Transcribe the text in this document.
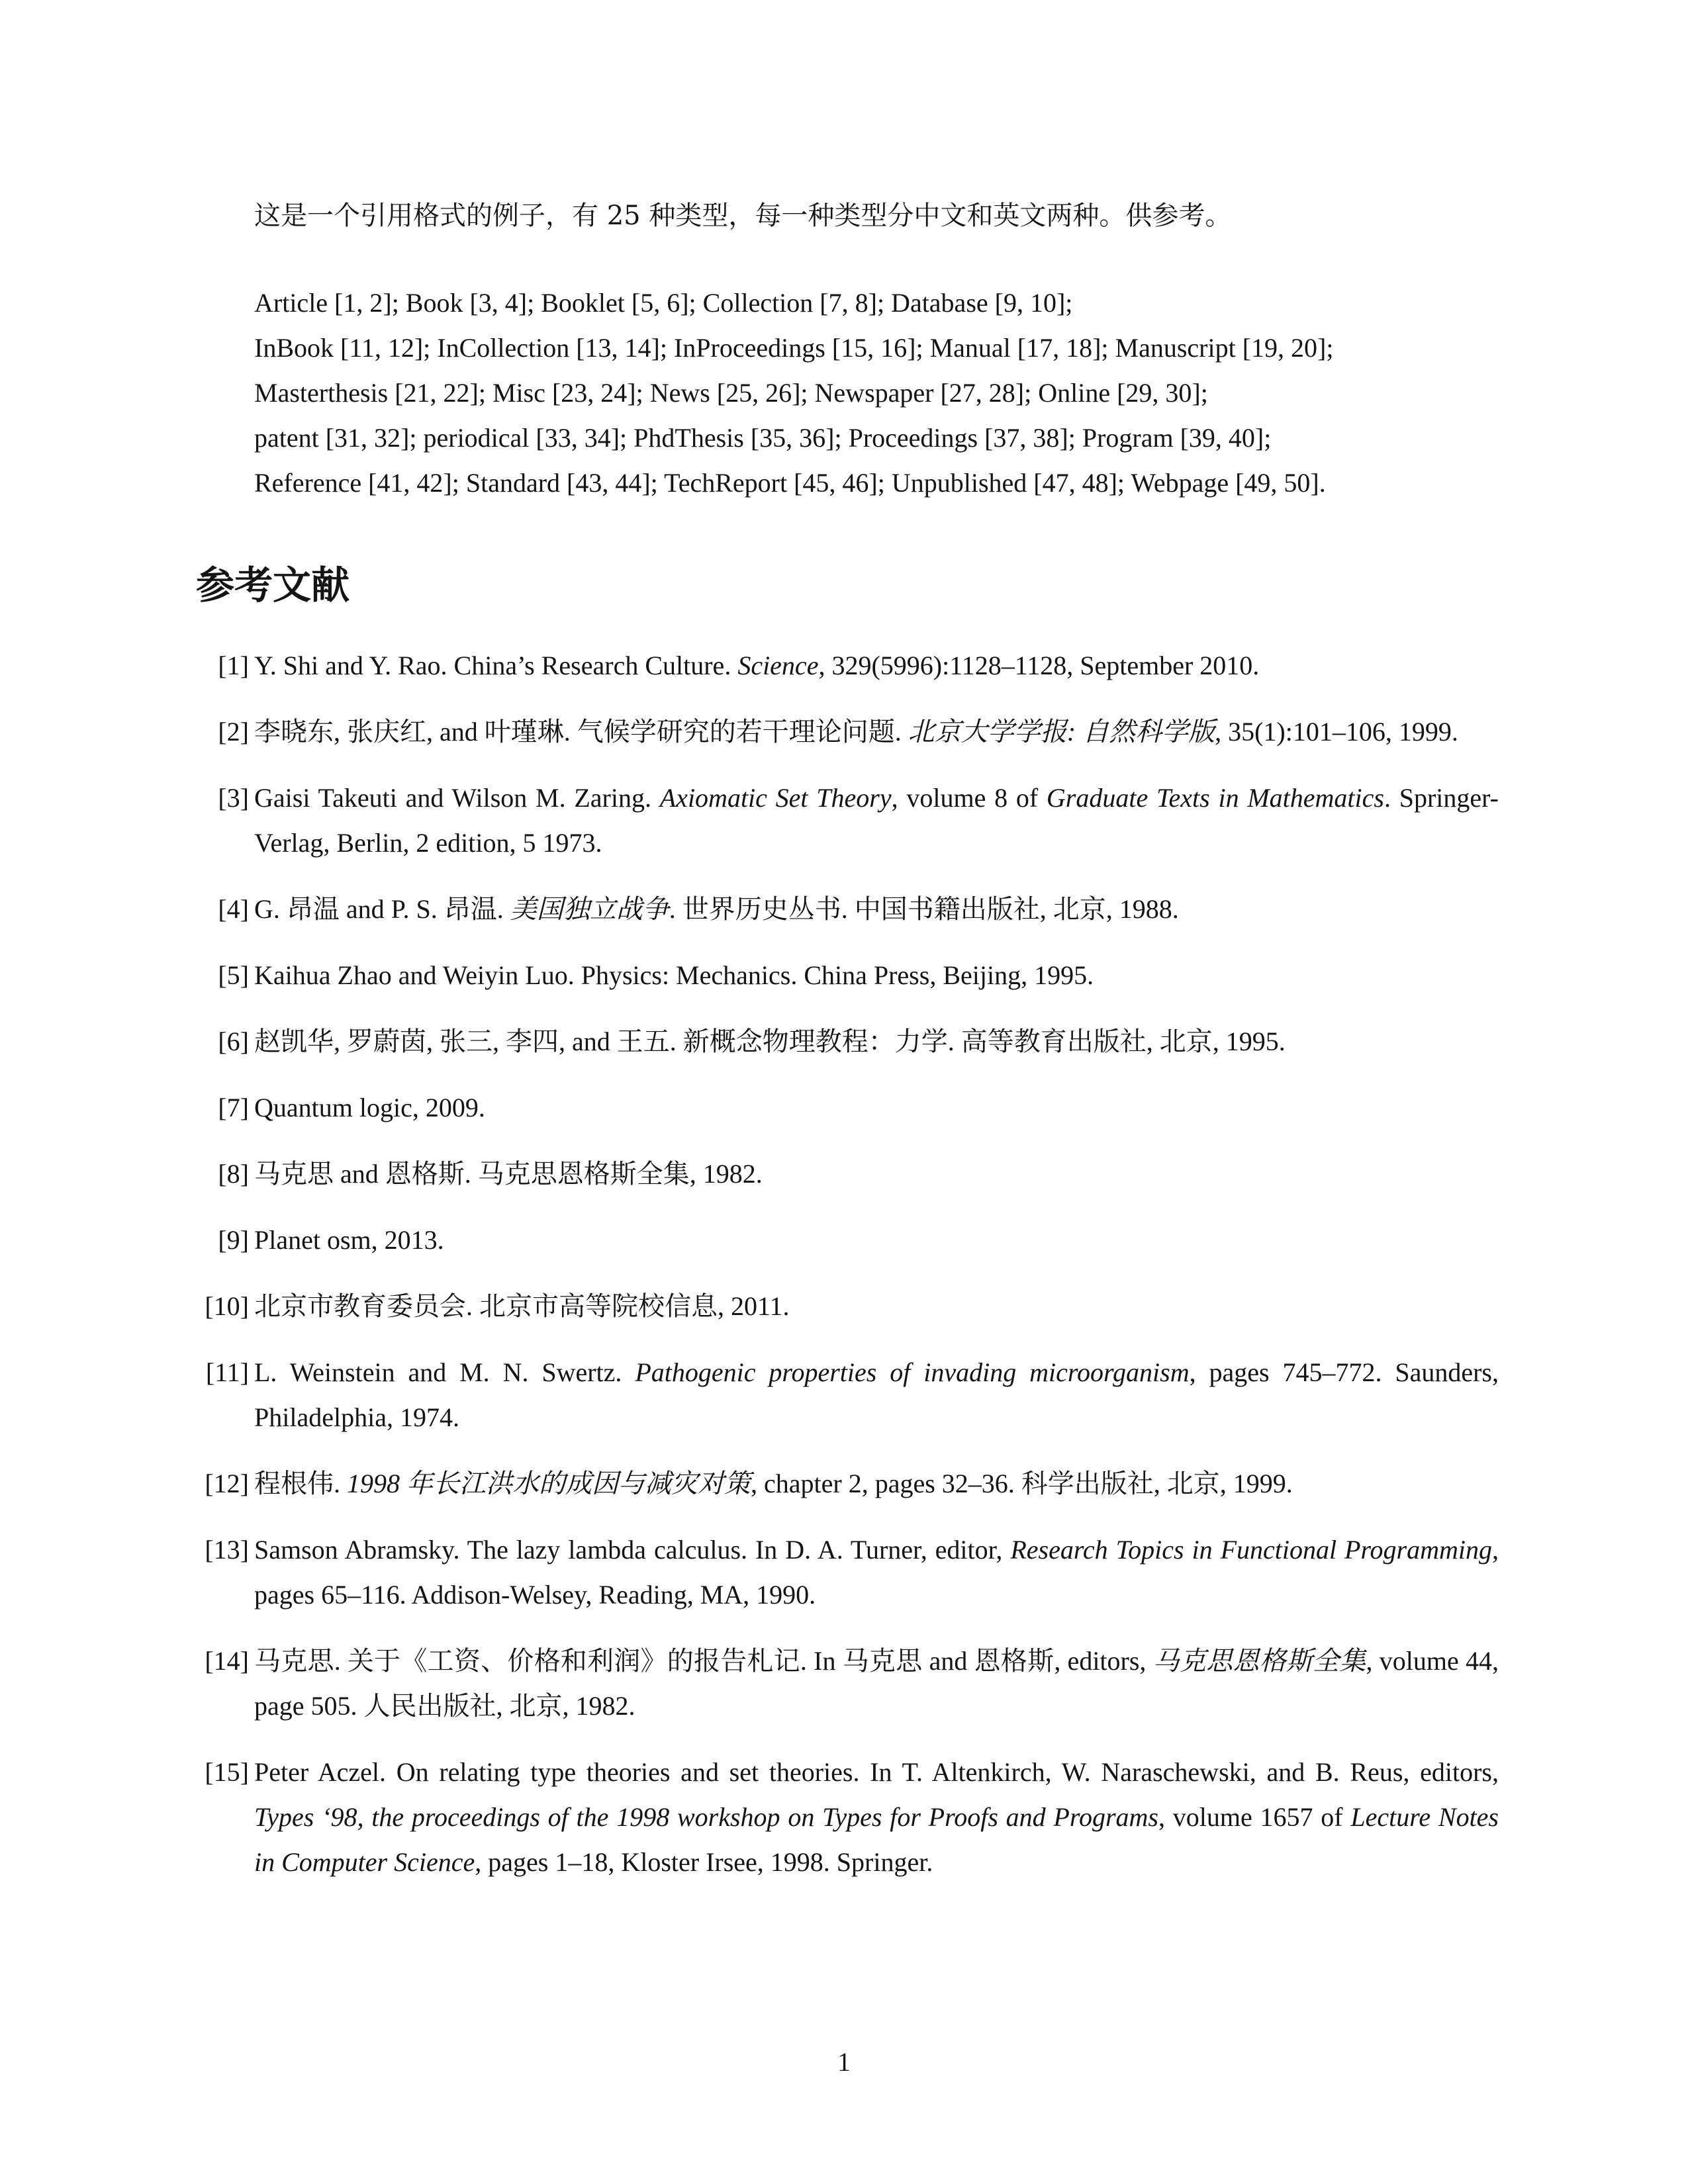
这是一个引用格式的例子，有 25 种类型，每一种类型分中文和英文两种。供参考。

Article [1, 2]; Book [3, 4]; Booklet [5, 6]; Collection [7, 8]; Database [9, 10];
InBook [11, 12]; InCollection [13, 14]; InProceedings [15, 16]; Manual [17, 18]; Manuscript [19, 20];
Masterthesis [21, 22]; Misc [23, 24]; News [25, 26]; Newspaper [27, 28]; Online [29, 30];
patent [31, 32]; periodical [33, 34]; PhdThesis [35, 36]; Proceedings [37, 38]; Program [39, 40];
Reference [41, 42]; Standard [43, 44]; TechReport [45, 46]; Unpublished [47, 48]; Webpage [49, 50].
参考文献
[1] Y. Shi and Y. Rao. China’s Research Culture. Science, 329(5996):1128–1128, September 2010.
[2] 李晓东, 张庆红, and 叶瑾琳. 气候学研究的若干理论问题. 北京大学学报: 自然科学版, 35(1):101–106, 1999.
[3] Gaisi Takeuti and Wilson M. Zaring. Axiomatic Set Theory, volume 8 of Graduate Texts in Mathematics. Springer-Verlag, Berlin, 2 edition, 5 1973.
[4] G. 昂温 and P. S. 昂温. 美国独立战争. 世界历史丛书. 中国书籍出版社, 北京, 1988.
[5] Kaihua Zhao and Weiyin Luo. Physics: Mechanics. China Press, Beijing, 1995.
[6] 赵凯华, 罗蔚茵, 张三, 李四, and 王五. 新概念物理教程：力学. 高等教育出版社, 北京, 1995.
[7] Quantum logic, 2009.
[8] 马克思 and 恩格斯. 马克思恩格斯全集, 1982.
[9] Planet osm, 2013.
[10] 北京市教育委员会. 北京市高等院校信息, 2011.
[11] L. Weinstein and M. N. Swertz. Pathogenic properties of invading microorganism, pages 745–772. Saunders, Philadelphia, 1974.
[12] 程根伟. 1998 年长江洪水的成因与减灾对策, chapter 2, pages 32–36. 科学出版社, 北京, 1999.
[13] Samson Abramsky. The lazy lambda calculus. In D. A. Turner, editor, Research Topics in Functional Programming, pages 65–116. Addison-Welsey, Reading, MA, 1990.
[14] 马克思. 关于《工资、价格和利润》的报告札记. In 马克思 and 恩格斯, editors, 马克思恩格斯全集, volume 44, page 505. 人民出版社, 北京, 1982.
[15] Peter Aczel. On relating type theories and set theories. In T. Altenkirch, W. Naraschewski, and B. Reus, editors, Types ‘98, the proceedings of the 1998 workshop on Types for Proofs and Programs, volume 1657 of Lecture Notes in Computer Science, pages 1–18, Kloster Irsee, 1998. Springer.
1
